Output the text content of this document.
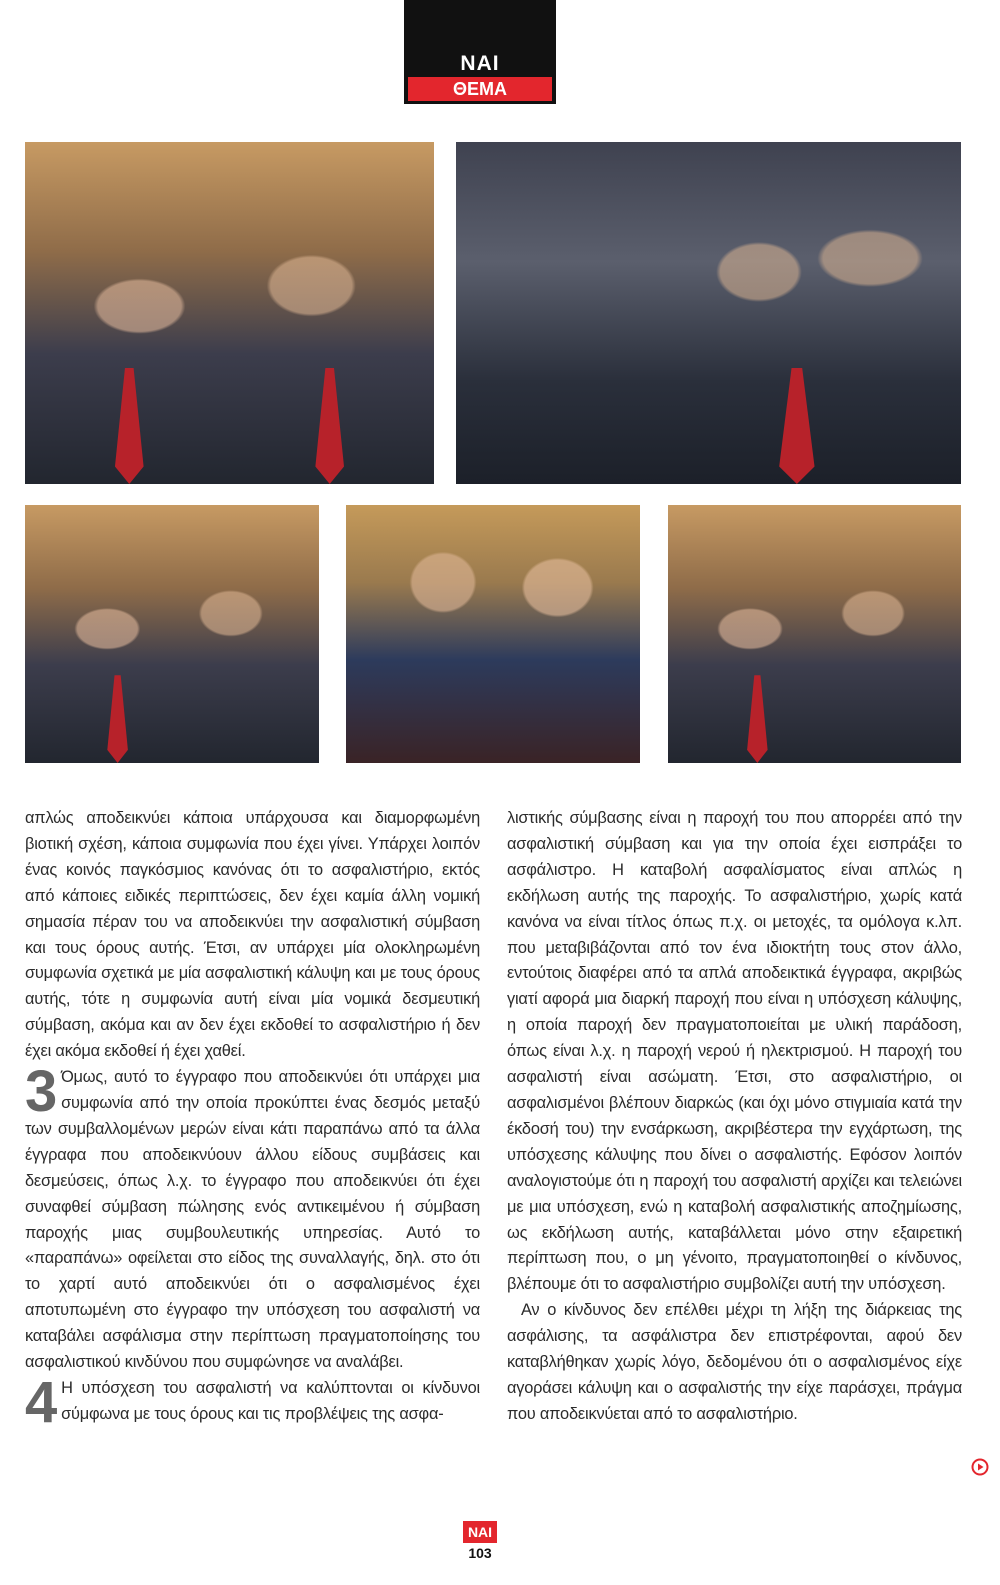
ΝΑΙ
ΘΕΜΑ

απλώς αποδεικνύει κάποια υπάρχουσα και διαμορφωμένη βιοτική σχέση, κάποια συμφωνία που έχει γίνει. Υπάρχει λοιπόν ένας κοινός παγκόσμιος κανόνας ότι το ασφαλιστήριο, εκτός από κάποιες ειδικές περιπτώσεις, δεν έχει καμία άλλη νομική σημασία πέραν του να αποδεικνύει την ασφαλιστική σύμβαση και τους όρους αυτής. Έτσι, αν υπάρχει μία ολοκληρωμένη συμφωνία σχετικά με μία ασφαλιστική κάλυψη και με τους όρους αυτής, τότε η συμφωνία αυτή είναι μία νομικά δεσμευτική σύμβαση, ακόμα και αν δεν έχει εκδοθεί το ασφαλιστήριο ή δεν έχει ακόμα εκδοθεί ή έχει χαθεί.

3 Όμως, αυτό το έγγραφο που αποδεικνύει ότι υπάρχει μια συμφωνία από την οποία προκύπτει ένας δεσμός μεταξύ των συμβαλλομένων μερών είναι κάτι παραπάνω από τα άλλα έγγραφα που αποδεικνύουν άλλου είδους συμβάσεις και δεσμεύσεις, όπως λ.χ. το έγγραφο που αποδεικνύει ότι έχει συναφθεί σύμβαση πώλησης ενός αντικειμένου ή σύμβαση παροχής μιας συμβουλευτικής υπηρεσίας. Αυτό το «παραπάνω» οφείλεται στο είδος της συναλλαγής, δηλ. στο ότι το χαρτί αυτό αποδεικνύει ότι ο ασφαλισμένος έχει αποτυπωμένη στο έγγραφο την υπόσχεση του ασφαλιστή να καταβάλει ασφάλισμα στην περίπτωση πραγματοποίησης του ασφαλιστικού κινδύνου που συμφώνησε να αναλάβει.

4 Η υπόσχεση του ασφαλιστή να καλύπτονται οι κίνδυνοι σύμφωνα με τους όρους και τις προβλέψεις της ασφα-

λιστικής σύμβασης είναι η παροχή του που απορρέει από την ασφαλιστική σύμβαση και για την οποία έχει εισπράξει το ασφάλιστρο. Η καταβολή ασφαλίσματος είναι απλώς η εκδήλωση αυτής της παροχής. Το ασφαλιστήριο, χωρίς κατά κανόνα να είναι τίτλος όπως π.χ. οι μετοχές, τα ομόλογα κ.λπ. που μεταβιβάζονται από τον ένα ιδιοκτήτη τους στον άλλο, εντούτοις διαφέρει από τα απλά αποδεικτικά έγγραφα, ακριβώς γιατί αφορά μια διαρκή παροχή που είναι η υπόσχεση κάλυψης, η οποία παροχή δεν πραγματοποιείται με υλική παράδοση, όπως είναι λ.χ. η παροχή νερού ή ηλεκτρισμού. Η παροχή του ασφαλιστή είναι ασώματη. Έτσι, στο ασφαλιστήριο, οι ασφαλισμένοι βλέπουν διαρκώς (και όχι μόνο στιγμιαία κατά την έκδοσή του) την ενσάρκωση, ακριβέστερα την εγχάρτωση, της υπόσχεσης κάλυψης που δίνει ο ασφαλιστής. Εφόσον λοιπόν αναλογιστούμε ότι η παροχή του ασφαλιστή αρχίζει και τελειώνει με μια υπόσχεση, ενώ η καταβολή ασφαλιστικής αποζημίωσης, ως εκδήλωση αυτής, καταβάλλεται μόνο στην εξαιρετική περίπτωση που, ο μη γένοιτο, πραγματοποιηθεί ο κίνδυνος, βλέπουμε ότι το ασφαλιστήριο συμβολίζει αυτή την υπόσχεση.

Αν ο κίνδυνος δεν επέλθει μέχρι τη λήξη της διάρκειας της ασφάλισης, τα ασφάλιστρα δεν επιστρέφονται, αφού δεν καταβλήθηκαν χωρίς λόγο, δεδομένου ότι ο ασφαλισμένος είχε αγοράσει κάλυψη και ο ασφαλιστής την είχε παράσχει, πράγμα που αποδεικνύεται από το ασφαλιστήριο.

ΝΑΙ
103
